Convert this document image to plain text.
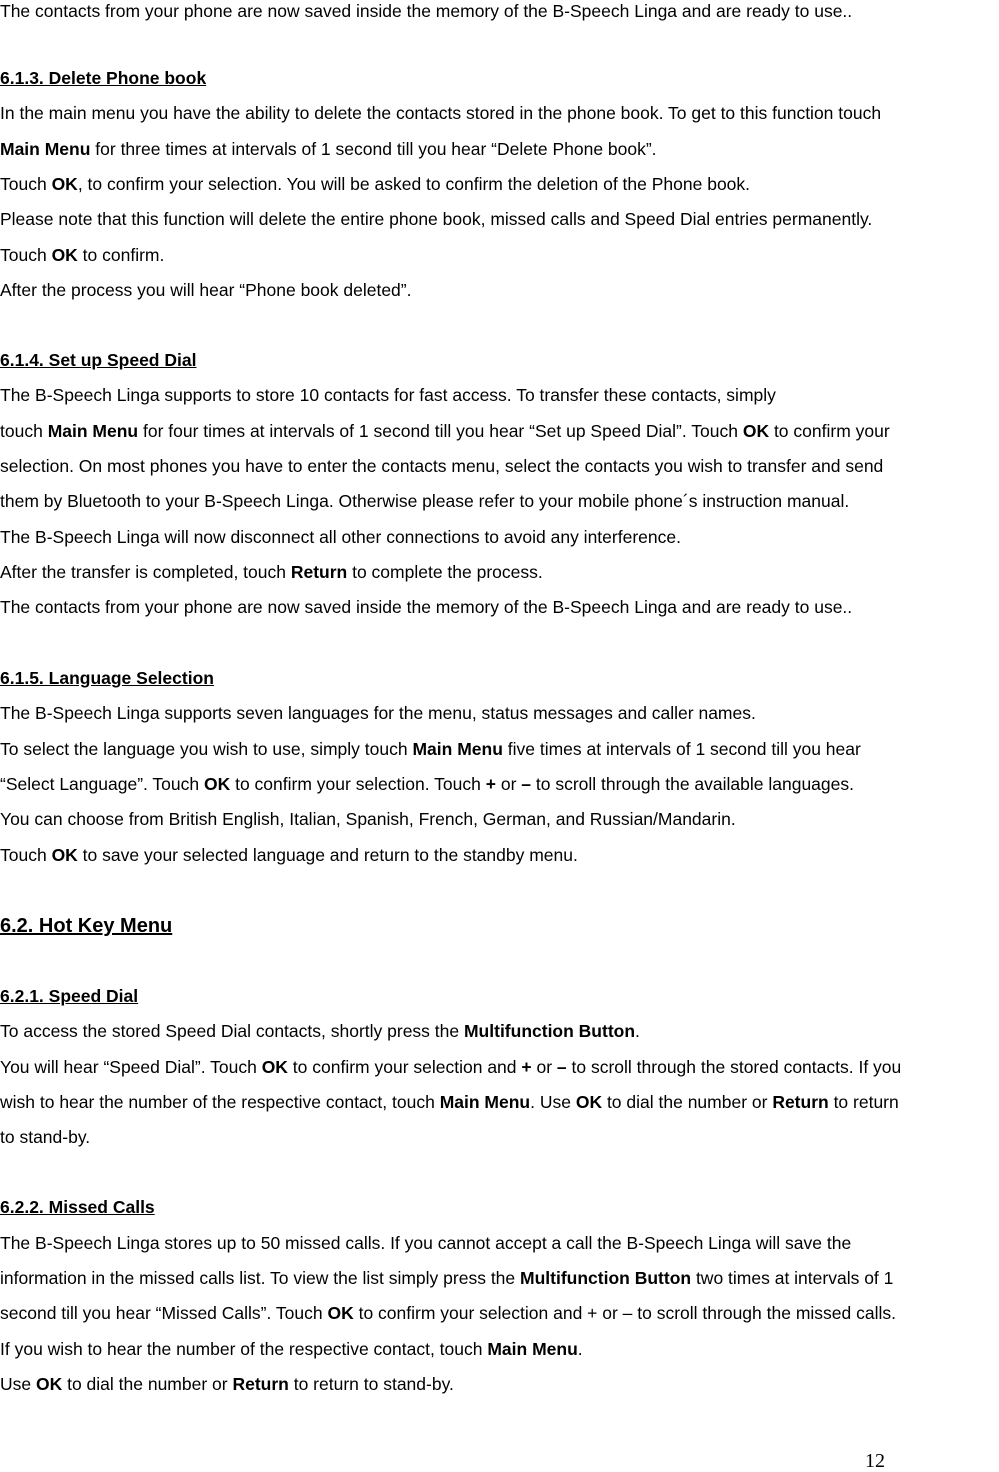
The contacts from your phone are now saved inside the memory of the B-Speech Linga and are ready to use..

6.1.3. Delete Phone book

In the main menu you have the ability to delete the contacts stored in the phone book. To get to this function touch

Main Menu for three times at intervals of 1 second till you hear “Delete Phone book”.

Touch OK, to confirm your selection. You will be asked to confirm the deletion of the Phone book.

Please note that this function will delete the entire phone book, missed calls and Speed Dial entries permanently.

Touch OK to confirm.

After the process you will hear “Phone book deleted”.

6.1.4. Set up Speed Dial

The B-Speech Linga supports to store 10 contacts for fast access. To transfer these contacts, simply

touch Main Menu for four times at intervals of 1 second till you hear “Set up Speed Dial”. Touch OK to confirm your

selection. On most phones you have to enter the contacts menu, select the contacts you wish to transfer and send

them by Bluetooth to your B-Speech Linga. Otherwise please refer to your mobile phone´s instruction manual.

The B-Speech Linga will now disconnect all other connections to avoid any interference.

After the transfer is completed, touch Return to complete the process.

The contacts from your phone are now saved inside the memory of the B-Speech Linga and are ready to use..

6.1.5. Language Selection

The B-Speech Linga supports seven languages for the menu, status messages and caller names.

To select the language you wish to use, simply touch Main Menu five times at intervals of 1 second till you hear

“Select Language”. Touch OK to confirm your selection. Touch + or – to scroll through the available languages.

You can choose from British English, Italian, Spanish, French, German, and Russian/Mandarin.

Touch OK to save your selected language and return to the standby menu.

6.2. Hot Key Menu
6.2.1. Speed Dial

To access the stored Speed Dial contacts, shortly press the Multifunction Button.

You will hear “Speed Dial”. Touch OK to confirm your selection and + or – to scroll through the stored contacts. If you

wish to hear the number of the respective contact, touch Main Menu. Use OK to dial the number or Return to return

to stand-by.

6.2.2. Missed Calls

The B-Speech Linga stores up to 50 missed calls. If you cannot accept a call the B-Speech Linga will save the

information in the missed calls list. To view the list simply press the Multifunction Button two times at intervals of 1

second till you hear “Missed Calls”. Touch OK to confirm your selection and + or – to scroll through the missed calls.

If you wish to hear the number of the respective contact, touch Main Menu.

Use OK to dial the number or Return to return to stand-by.

12
